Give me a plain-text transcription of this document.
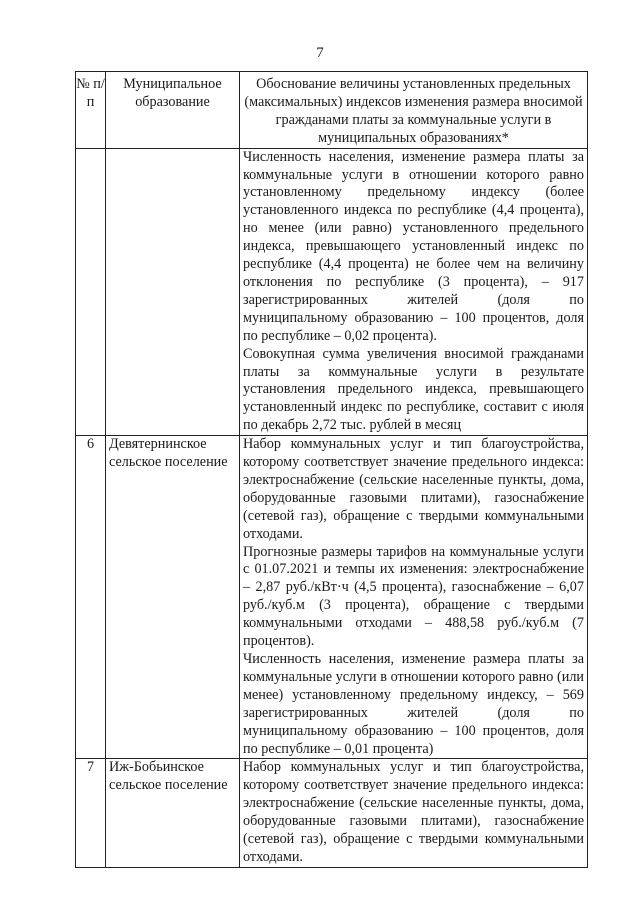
7
№ п/п	Муниципальное образование	Обоснование величины установленных предельных (максимальных) индексов изменения размера вносимой гражданами платы за коммунальные услуги в муниципальных образованиях*

		Численность населения, изменение размера платы за коммунальные услуги в отношении которого равно установленному предельному индексу (более установленного индекса по республике (4,4 процента), но менее (или равно) установленного предельного индекса, превышающего установленный индекс по республике (4,4 процента) не более чем на величину отклонения по республике (3 процента), – 917 зарегистрированных жителей (доля по муниципальному образованию – 100 процентов, доля по республике – 0,02 процента).

Совокупная сумма увеличения вносимой гражданами платы за коммунальные услуги в результате установления предельного индекса, превышающего установленный индекс по республике, составит с июля по декабрь 2,72 тыс. рублей в месяц

6	Девятернинское сельское поселение	Набор коммунальных услуг и тип благоустройства, которому соответствует значение предельного индекса: электроснабжение (сельские населенные пункты, дома, оборудованные газовыми плитами), газоснабжение (сетевой газ), обращение с твердыми коммунальными отходами.

Прогнозные размеры тарифов на коммунальные услуги с 01.07.2021 и темпы их изменения: электроснабжение – 2,87 руб./кВт·ч (4,5 процента), газоснабжение – 6,07 руб./куб.м (3 процента), обращение с твердыми коммунальными отходами – 488,58 руб./куб.м (7 процентов).

Численность населения, изменение размера платы за коммунальные услуги в отношении которого равно (или менее) установленному предельному индексу, – 569 зарегистрированных жителей (доля по муниципальному образованию – 100 процентов, доля по республике – 0,01 процента)

7	Иж-Бобьинское сельское поселение	Набор коммунальных услуг и тип благоустройства, которому соответствует значение предельного индекса: электроснабжение (сельские населенные пункты, дома, оборудованные газовыми плитами), газоснабжение (сетевой газ), обращение с твердыми коммунальными отходами.
